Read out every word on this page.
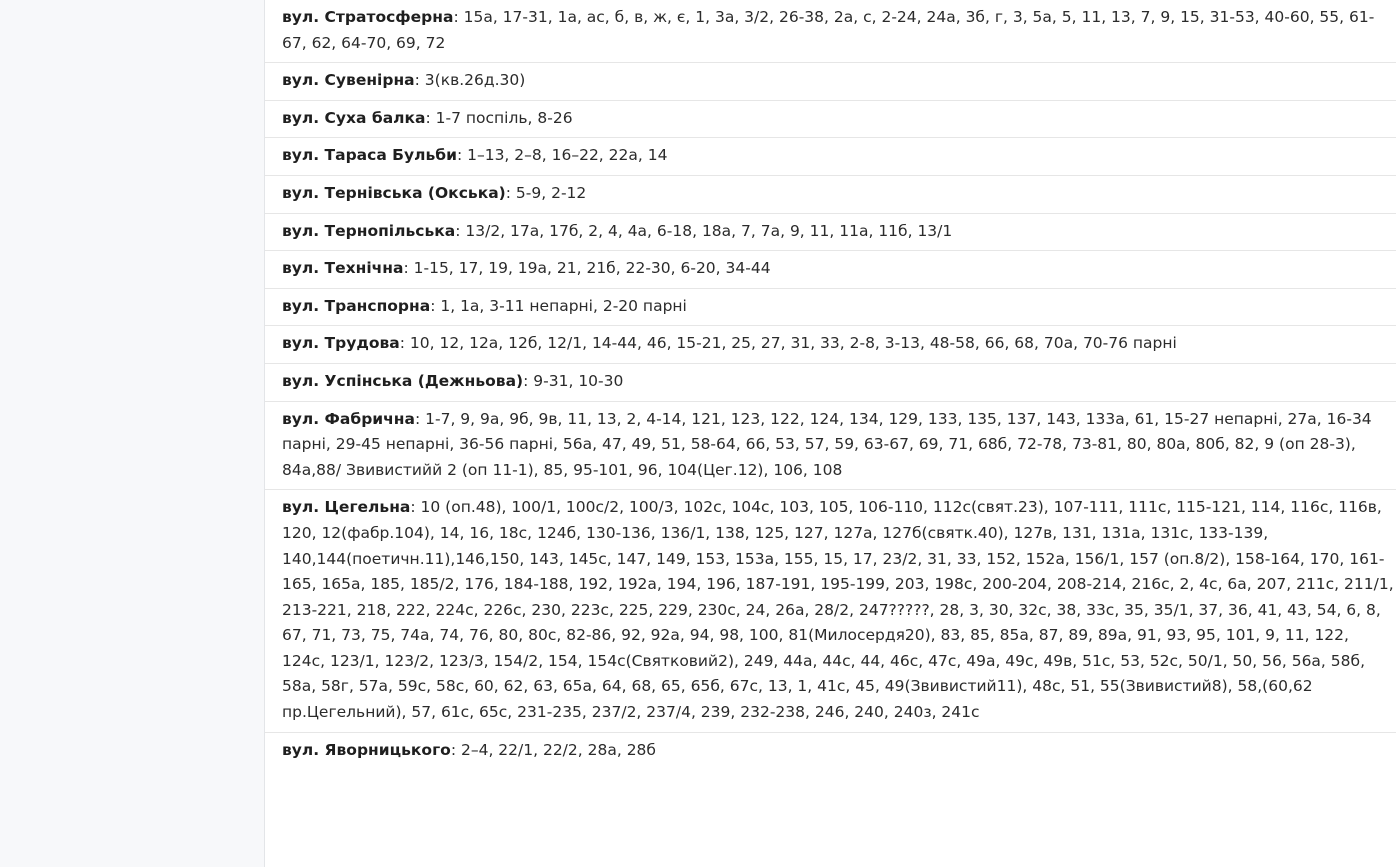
вул. Стратосферна: 15а, 17-31, 1а, ас, б, в, ж, є, 1, 3а, 3/2, 26-38, 2а, с, 2-24, 24а, 3б, г, 3, 5а, 5, 11, 13, 7, 9, 15, 31-53, 40-60, 55, 61-67, 62, 64-70, 69, 72
вул. Сувенірна: 3(кв.26д.30)
вул. Суха балка: 1-7 поспіль, 8-26
вул. Тараса Бульби: 1–13, 2–8, 16–22, 22а, 14
вул. Тернівська (Окська): 5-9, 2-12
вул. Тернопільська: 13/2, 17а, 17б, 2, 4, 4а, 6-18, 18а, 7, 7а, 9, 11, 11а, 11б, 13/1
вул. Технічна: 1-15, 17, 19, 19а, 21, 21б, 22-30, 6-20, 34-44
вул. Транспорна: 1, 1а, 3-11 непарні, 2-20 парні
вул. Трудова: 10, 12, 12а, 12б, 12/1, 14-44, 46, 15-21, 25, 27, 31, 33, 2-8, 3-13, 48-58, 66, 68, 70а, 70-76 парні
вул. Успінська (Дежньова): 9-31, 10-30
вул. Фабрична: 1-7, 9, 9а, 9б, 9в, 11, 13, 2, 4-14, 121, 123, 122, 124, 134, 129, 133, 135, 137, 143, 133а, 61, 15-27 непарні, 27а, 16-34 парні, 29-45 непарні, 36-56 парні, 56а, 47, 49, 51, 58-64, 66, 53, 57, 59, 63-67, 69, 71, 68б, 72-78, 73-81, 80, 80а, 80б, 82, 9 (оп 28-3), 84а,88/ Звивистийй 2 (оп 11-1), 85, 95-101, 96, 104(Цег.12), 106, 108
вул. Цегельна: 10 (оп.48), 100/1, 100с/2, 100/3, 102с, 104с, 103, 105, 106-110, 112с(свят.23), 107-111, 111с, 115-121, 114, 116с, 116в, 120, 12(фабр.104), 14, 16, 18с, 124б, 130-136, 136/1, 138, 125, 127, 127а, 127б(святк.40), 127в, 131, 131а, 131с, 133-139, 140,144(поетичн.11),146,150, 143, 145с, 147, 149, 153, 153а, 155, 15, 17, 23/2, 31, 33, 152, 152а, 156/1, 157 (оп.8/2), 158-164, 170, 161-165, 165а, 185, 185/2, 176, 184-188, 192, 192а, 194, 196, 187-191, 195-199, 203, 198с, 200-204, 208-214, 216с, 2, 4с, 6а, 207, 211с, 211/1, 213-221, 218, 222, 224с, 226с, 230, 223с, 225, 229, 230с, 24, 26а, 28/2, 247?????, 28, 3, 30, 32с, 38, 33с, 35, 35/1, 37, 36, 41, 43, 54, 6, 8, 67, 71, 73, 75, 74а, 74, 76, 80, 80с, 82-86, 92, 92а, 94, 98, 100, 81(Милосердя20), 83, 85, 85а, 87, 89, 89а, 91, 93, 95, 101, 9, 11, 122, 124с, 123/1, 123/2, 123/3, 154/2, 154, 154с(Святковий2), 249, 44а, 44с, 44, 46с, 47с, 49а, 49с, 49в, 51с, 53, 52с, 50/1, 50, 56, 56а, 58б, 58а, 58г, 57а, 59с, 58с, 60, 62, 63, 65а, 64, 68, 65, 65б, 67с, 13, 1, 41с, 45, 49(Звивистий11), 48с, 51, 55(Звивистий8), 58,(60,62 пр.Цегельний), 57, 61с, 65с, 231-235, 237/2, 237/4, 239, 232-238, 246, 240, 240з, 241с
вул. Яворницького: 2–4, 22/1, 22/2, 28а, 28б
